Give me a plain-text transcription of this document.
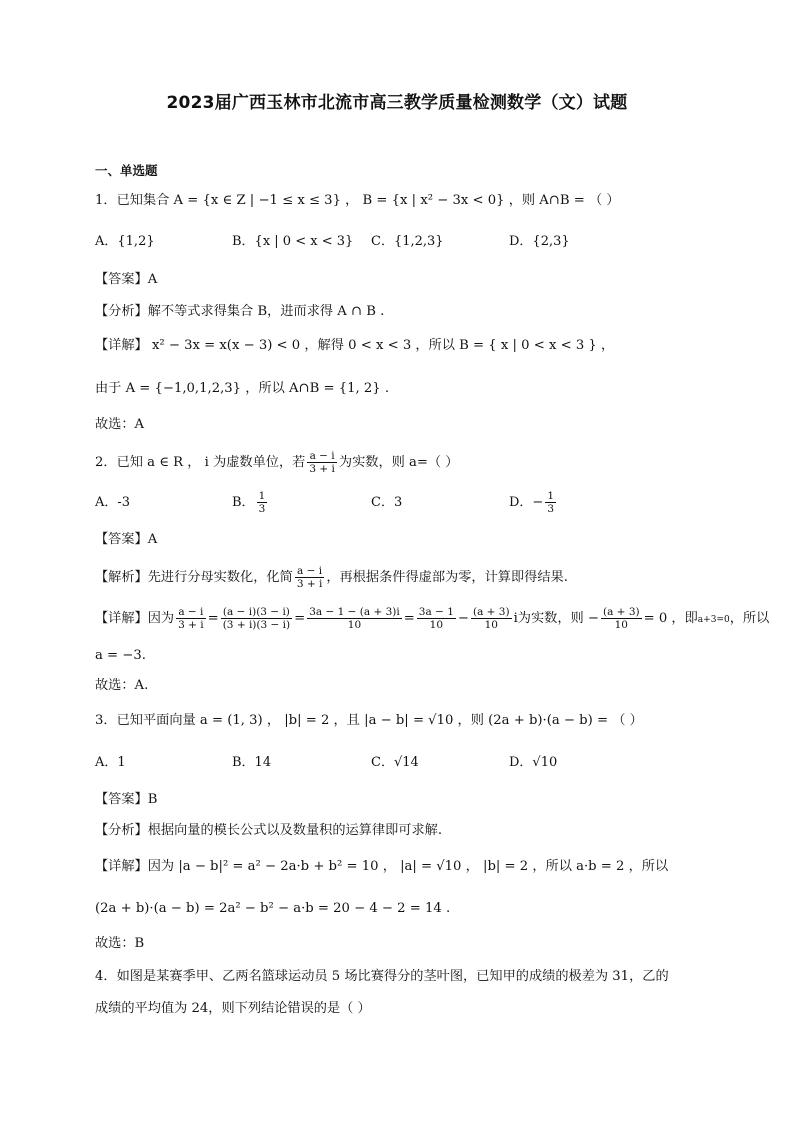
2023届广西玉林市北流市高三教学质量检测数学（文）试题
一、单选题
1．已知集合 A = {x ∈ Z | −1 ≤ x ≤ 3} ， B = {x | x² − 3x < 0} ，则 A∩B = （ ）
A．{1,2}	B．{x | 0 < x < 3} C．{1,2,3}	D．{2,3}
【答案】A
【分析】解不等式求得集合 B，进而求得 A ∩ B .
【详解】 x² − 3x = x(x − 3) < 0 ，解得 0 < x < 3 ，所以 B = { x | 0 < x < 3 } ，
由于 A = {−1,0,1,2,3} ，所以 A∩B = {1, 2} .
故选：A
2．已知 a ∈ R ， i 为虚数单位，若 $\frac{a - i}{3 + i}$ 为实数，则 a=（ ）
A．-3	B． $\frac{1}{3}$	C．3	D．− $\frac{1}{3}$
【答案】A
【解析】先进行分母实数化，化简 $\frac{a - i}{3 + i}$ ，再根据条件得虚部为零，计算即得结果.
【详解】因为 $\frac{a - i}{3 + i} = \frac{(a - i)(3 - i)}{(3 + i)(3 - i)} = \frac{3a - 1 - (a + 3)i}{10} = \frac{3a - 1}{10} - \frac{(a + 3)}{10}$ i为实数，则 − $\frac{(a + 3)}{10} = 0$ ，即a+3=0，所以
a = −3.
故选：A.
3．已知平面向量 a = (1, 3) ， |b| = 2 ，且 |a − b| = √10 ，则 (2a + b)·(a − b) = （ ）
A．1	B．14	C．√14	D．√10
【答案】B
【分析】根据向量的模长公式以及数量积的运算律即可求解.
【详解】因为 |a − b|² = a² − 2a·b + b² = 10 ， |a| = √10 ， |b| = 2 ，所以 a·b = 2 ，所以
(2a + b)·(a − b) = 2a² − b² − a·b = 20 − 4 − 2 = 14 .
故选：B
4．如图是某赛季甲、乙两名篮球运动员 5 场比赛得分的茎叶图，已知甲的成绩的极差为 31，乙的
成绩的平均值为 24，则下列结论错误的是（ ）
